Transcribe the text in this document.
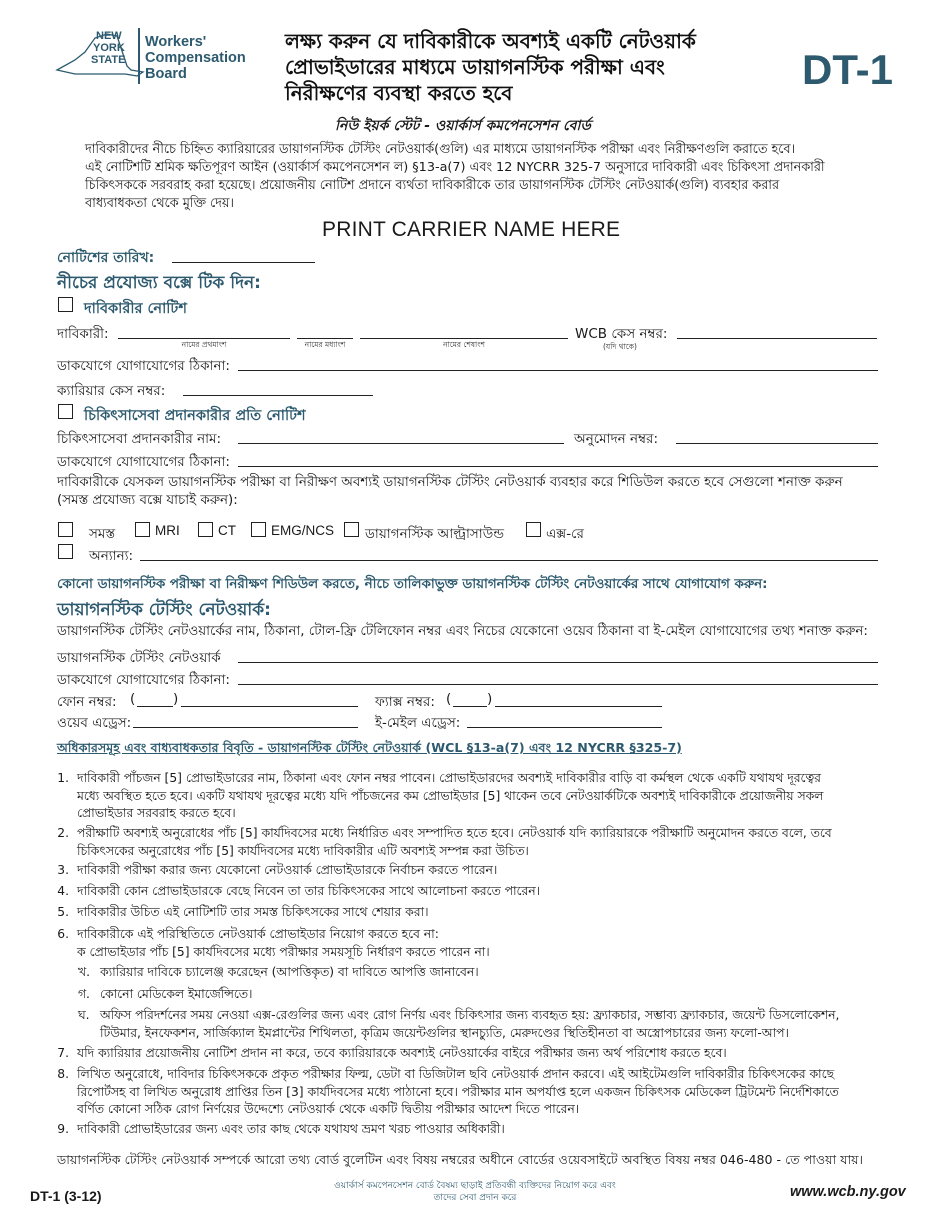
NEW
YORK
STATE
Workers'
Compensation
Board
লক্ষ্য করুন যে দাবিকারীকে অবশ্যই একটি নেটওয়ার্ক
প্রোভাইডারের মাধ্যমে ডায়াগনস্টিক পরীক্ষা এবং
নিরীক্ষণের ব্যবস্থা করতে হবে
নিউ ইয়র্ক স্টেট - ওয়ার্কার্স কমপেনসেশন বোর্ড
DT-1
দাবিকারীদের নীচে চিহ্নিত ক্যারিয়ারের ডায়াগনস্টিক টেস্টিং নেটওয়ার্ক(গুলি) এর মাধ্যমে ডায়াগনস্টিক পরীক্ষা এবং নিরীক্ষণগুলি করাতে হবে।
এই নোটিশটি শ্রমিক ক্ষতিপূরণ আইন (ওয়ার্কার্স কমপেনসেশন ল) §13-a(7) এবং 12 NYCRR 325-7 অনুসারে দাবিকারী এবং চিকিৎসা প্রদানকারী
চিকিৎসককে সরবরাহ করা হয়েছে। প্রয়োজনীয় নোটিশ প্রদানে ব্যর্থতা দাবিকারীকে তার ডায়াগনস্টিক টেস্টিং নেটওয়ার্ক(গুলি) ব্যবহার করার
বাধ্যবাধকতা থেকে মুক্তি দেয়।
PRINT CARRIER NAME HERE
নোটিশের তারিখ:
নীচের প্রযোজ্য বক্সে টিক দিন:
দাবিকারীর নোটিশ
দাবিকারী:
নামের প্রথমাংশ	নামের মধ্যাংশ	নামের শেষাংশ
WCB কেস নম্বর:
(যদি থাকে)
ডাকযোগে যোগাযোগের ঠিকানা:
ক্যারিয়ার কেস নম্বর:
চিকিৎসাসেবা প্রদানকারীর প্রতি নোটিশ
চিকিৎসাসেবা প্রদানকারীর নাম:	অনুমোদন নম্বর:
ডাকযোগে যোগাযোগের ঠিকানা:
দাবিকারীকে যেসকল ডায়াগনস্টিক পরীক্ষা বা নিরীক্ষণ অবশ্যই ডায়াগনস্টিক টেস্টিং নেটওয়ার্ক ব্যবহার করে শিডিউল করতে হবে সেগুলো শনাক্ত করুন
(সমস্ত প্রযোজ্য বক্সে যাচাই করুন):
সমস্ত	MRI	CT	EMG/NCS ডায়াগনস্টিক আল্ট্রাসাউন্ড	এক্স-রে
অন্যান্য:
কোনো ডায়াগনস্টিক পরীক্ষা বা নিরীক্ষণ শিডিউল করতে, নীচে তালিকাভুক্ত ডায়াগনস্টিক টেস্টিং নেটওয়ার্কের সাথে যোগাযোগ করুন:
ডায়াগনস্টিক টেস্টিং নেটওয়ার্ক:
ডায়াগনস্টিক টেস্টিং নেটওয়ার্কের নাম, ঠিকানা, টোল-ফ্রি টেলিফোন নম্বর এবং নিচের যেকোনো ওয়েব ঠিকানা বা ই-মেইল যোগাযোগের তথ্য শনাক্ত করুন:
ডায়াগনস্টিক টেস্টিং নেটওয়ার্ক
ডাকযোগে যোগাযোগের ঠিকানা:
ফোন নম্বর: (	)	ফ্যাক্স নম্বর: (	)
ওয়েব এড্রেস:	ই-মেইল এড্রেস:
অধিকারসমূহ এবং বাধ্যবাধকতার বিবৃতি - ডায়াগনস্টিক টেস্টিং নেটওয়ার্ক (WCL §13-a(7) এবং 12 NYCRR §325-7)
1. দাবিকারী পাঁচজন [5] প্রোভাইডারের নাম, ঠিকানা এবং ফোন নম্বর পাবেন। প্রোভাইডারদের অবশ্যই দাবিকারীর বাড়ি বা কর্মস্থল থেকে একটি যথাযথ দূরত্বের
মধ্যে অবস্থিত হতে হবে। একটি যথাযথ দূরত্বের মধ্যে যদি পাঁচজনের কম প্রোভাইডার [5] থাকেন তবে নেটওয়ার্কটিকে অবশ্যই দাবিকারীকে প্রয়োজনীয় সকল
প্রোভাইডার সরবরাহ করতে হবে।
2. পরীক্ষাটি অবশ্যই অনুরোধের পাঁচ [5] কার্যদিবসের মধ্যে নির্ধারিত এবং সম্পাদিত হতে হবে। নেটওয়ার্ক যদি ক্যারিয়ারকে পরীক্ষাটি অনুমোদন করতে বলে, তবে
চিকিৎসকের অনুরোধের পাঁচ [5] কার্যদিবসের মধ্যে দাবিকারীর এটি অবশ্যই সম্পন্ন করা উচিত।
3. দাবিকারী পরীক্ষা করার জন্য যেকোনো নেটওয়ার্ক প্রোভাইডারকে নির্বাচন করতে পারেন।
4. দাবিকারী কোন প্রোভাইডারকে বেছে নিবেন তা তার চিকিৎসকের সাথে আলোচনা করতে পারেন।
5. দাবিকারীর উচিত এই নোটিশটি তার সমস্ত চিকিৎসকের সাথে শেয়ার করা।
6. দাবিকারীকে এই পরিস্থিতিতে নেটওয়ার্ক প্রোভাইডার নিয়োগ করতে হবে না:
ক প্রোভাইডার পাঁচ [5] কার্যদিবসের মধ্যে পরীক্ষার সময়সূচি নির্ধারণ করতে পারেন না।
খ. ক্যারিয়ার দাবিকে চ্যালেঞ্জ করেছেন (আপত্তিকৃত) বা দাবিতে আপত্তি জানাবেন।
গ. কোনো মেডিকেল ইমার্জেন্সিতে।
ঘ. অফিস পরিদর্শনের সময় নেওয়া এক্স-রেগুলির জন্য এবং রোগ নির্ণয় এবং চিকিৎসার জন্য ব্যবহৃত হয়: ফ্র্যাকচার, সম্ভাব্য ফ্র্যাকচার, জয়েন্ট ডিসলোকেশন,
টিউমার, ইনফেকশন, সার্জিক্যাল ইমপ্লান্টের শিথিলতা, কৃত্রিম জয়েন্টগুলির স্থানচ্যুতি, মেরুদণ্ডের স্থিতিহীনতা বা অস্ত্রোপচারের জন্য ফলো-আপ।
7. যদি ক্যারিয়ার প্রয়োজনীয় নোটিশ প্রদান না করে, তবে ক্যারিয়ারকে অবশ্যই নেটওয়ার্কের বাইরে পরীক্ষার জন্য অর্থ পরিশোধ করতে হবে।
8. লিখিত অনুরোধে, দাবিদার চিকিৎসককে প্রকৃত পরীক্ষার ফিল্ম, ডেটা বা ডিজিটাল ছবি নেটওয়ার্ক প্রদান করবে। এই আইটেমগুলি দাবিকারীর চিকিৎসকের কাছে
রিপোর্টসহ বা লিখিত অনুরোধ প্রাপ্তির তিন [3] কার্যদিবসের মধ্যে পাঠানো হবে। পরীক্ষার মান অপর্যাপ্ত হলে একজন চিকিৎসক মেডিকেল ট্রিটমেন্ট নির্দেশিকাতে
বর্ণিত কোনো সঠিক রোগ নির্ণয়ের উদ্দেশ্যে নেটওয়ার্ক থেকে একটি দ্বিতীয় পরীক্ষার আদেশ দিতে পারেন।
9. দাবিকারী প্রোভাইডারের জন্য এবং তার কাছ থেকে যথাযথ ভ্রমণ খরচ পাওয়ার অধিকারী।
ডায়াগনস্টিক টেস্টিং নেটওয়ার্ক সম্পর্কে আরো তথ্য বোর্ড বুলেটিন এবং বিষয় নম্বরের অধীনে বোর্ডের ওয়েবসাইটে অবস্থিত বিষয় নম্বর 046-480 - তে পাওয়া যায়।
DT-1 (3-12)
ওয়ার্কার্স কমপেনসেশন বোর্ড বৈষম্য ছাড়াই প্রতিবন্ধী ব্যক্তিদের নিয়োগ করে এবং
তাদের সেবা প্রদান করে	www.wcb.ny.gov
